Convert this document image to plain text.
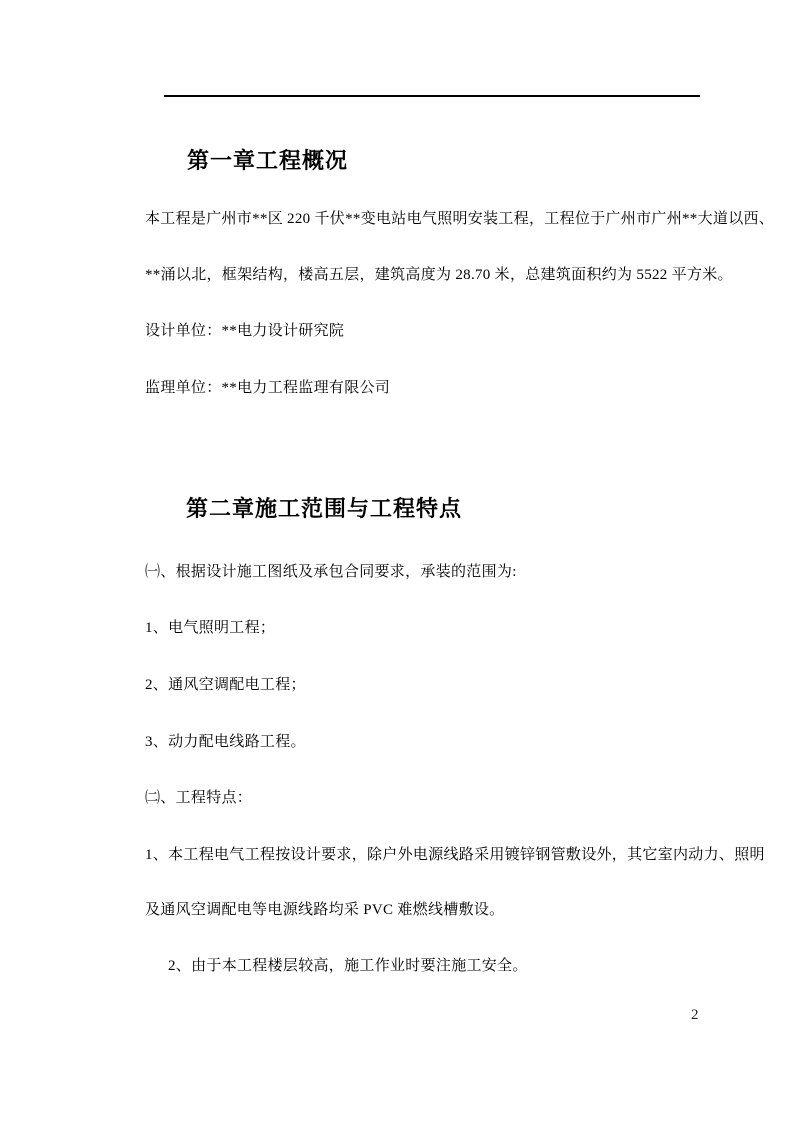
第一章工程概况
本工程是广州市**区 220 千伏**变电站电气照明安装工程，工程位于广州市广州**大道以西、
**涌以北，框架结构，楼高五层，建筑高度为 28.70 米，总建筑面积约为 5522 平方米。
设计单位：**电力设计研究院
监理单位：**电力工程监理有限公司
第二章施工范围与工程特点
㈠、根据设计施工图纸及承包合同要求，承装的范围为:
1、电气照明工程；
2、通风空调配电工程；
3、动力配电线路工程。
㈡、工程特点：
1、本工程电气工程按设计要求，除户外电源线路采用镀锌钢管敷设外，其它室内动力、照明
及通风空调配电等电源线路均采 PVC 难燃线槽敷设。
2、由于本工程楼层较高，施工作业时要注施工安全。
2
